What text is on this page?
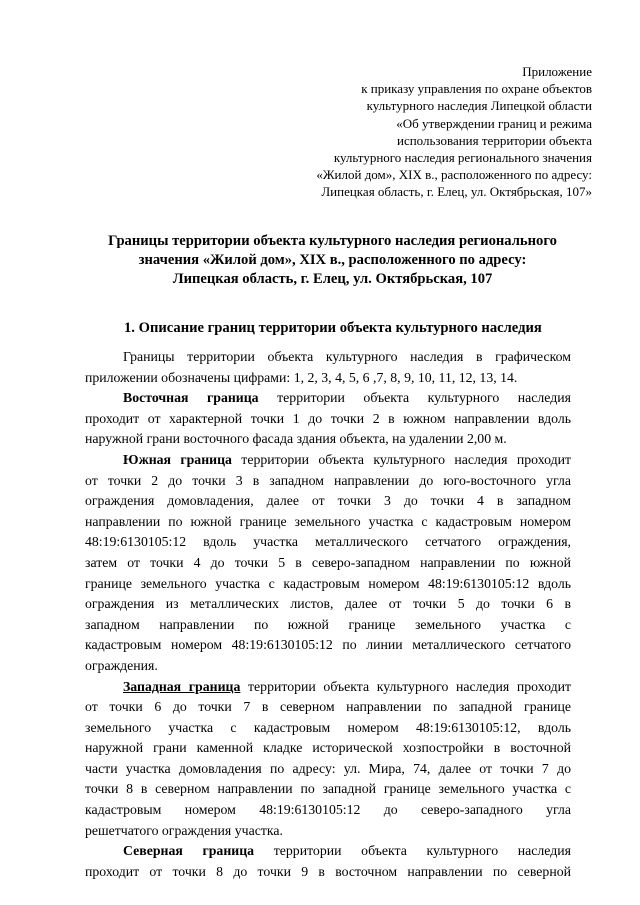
Приложение
к приказу управления по охране объектов
культурного наследия Липецкой области
«Об утверждении границ и режима
использования территории объекта
культурного наследия регионального значения
«Жилой дом», XIX в., расположенного по адресу:
Липецкая область, г. Елец, ул. Октябрьская, 107»
Границы территории объекта культурного наследия регионального
значения «Жилой дом», XIX в., расположенного по адресу:
Липецкая область, г. Елец, ул. Октябрьская, 107
1. Описание границ территории объекта культурного наследия
Границы территории объекта культурного наследия в графическом
приложении обозначены цифрами: 1, 2, 3, 4, 5, 6 ,7, 8, 9, 10, 11, 12, 13, 14.
Восточная граница территории объекта культурного наследия
проходит от характерной точки 1 до точки 2 в южном направлении вдоль
наружной грани восточного фасада здания объекта, на удалении 2,00 м.
Южная граница территории объекта культурного наследия проходит
от точки 2 до точки 3 в западном направлении до юго-восточного угла
ограждения домовладения, далее от точки 3 до точки 4 в западном
направлении по южной границе земельного участка с кадастровым номером
48:19:6130105:12 вдоль участка металлического сетчатого ограждения,
затем от точки 4 до точки 5 в северо-западном направлении по южной
границе земельного участка с кадастровым номером 48:19:6130105:12 вдоль
ограждения из металлических листов, далее от точки 5 до точки 6 в
западном направлении по южной границе земельного участка с
кадастровым номером 48:19:6130105:12 по линии металлического сетчатого
ограждения.
Западная граница территории объекта культурного наследия проходит
от точки 6 до точки 7 в северном направлении по западной границе
земельного участка с кадастровым номером 48:19:6130105:12, вдоль
наружной грани каменной кладке исторической хозпостройки в восточной
части участка домовладения по адресу: ул. Мира, 74, далее от точки 7 до
точки 8 в северном направлении по западной границе земельного участка с
кадастровым номером 48:19:6130105:12 до северо-западного угла
решетчатого ограждения участка.
Северная граница территории объекта культурного наследия
проходит от точки 8 до точки 9 в восточном направлении по северной
